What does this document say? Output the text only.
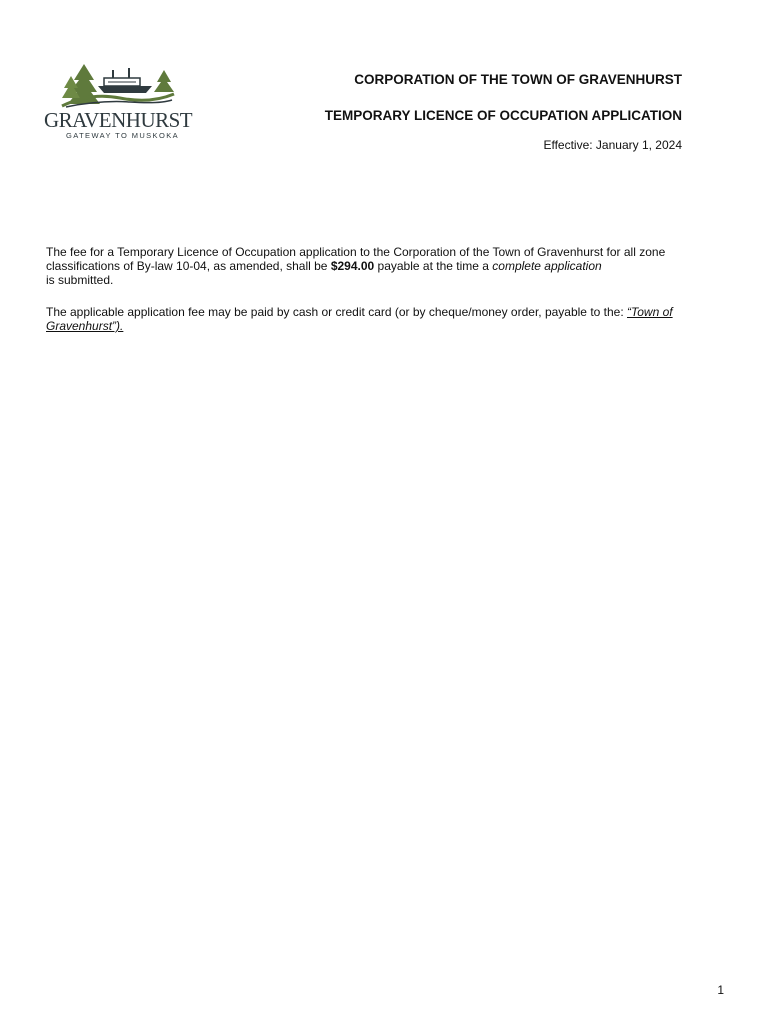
GRAVENHURST
GATEWAY TO MUSKOKA
CORPORATION OF THE TOWN OF GRAVENHURST
TEMPORARY LICENCE OF OCCUPATION APPLICATION
Effective: January 1, 2024
The fee for a Temporary Licence of Occupation application to the Corporation of the Town of Gravenhurst for all zone classifications of By-law 10-04, as amended, shall be $294.00 payable at the time a complete application
is submitted.
The applicable application fee may be paid by cash or credit card (or by cheque/money order, payable to the: “Town of Gravenhurst”).
1
